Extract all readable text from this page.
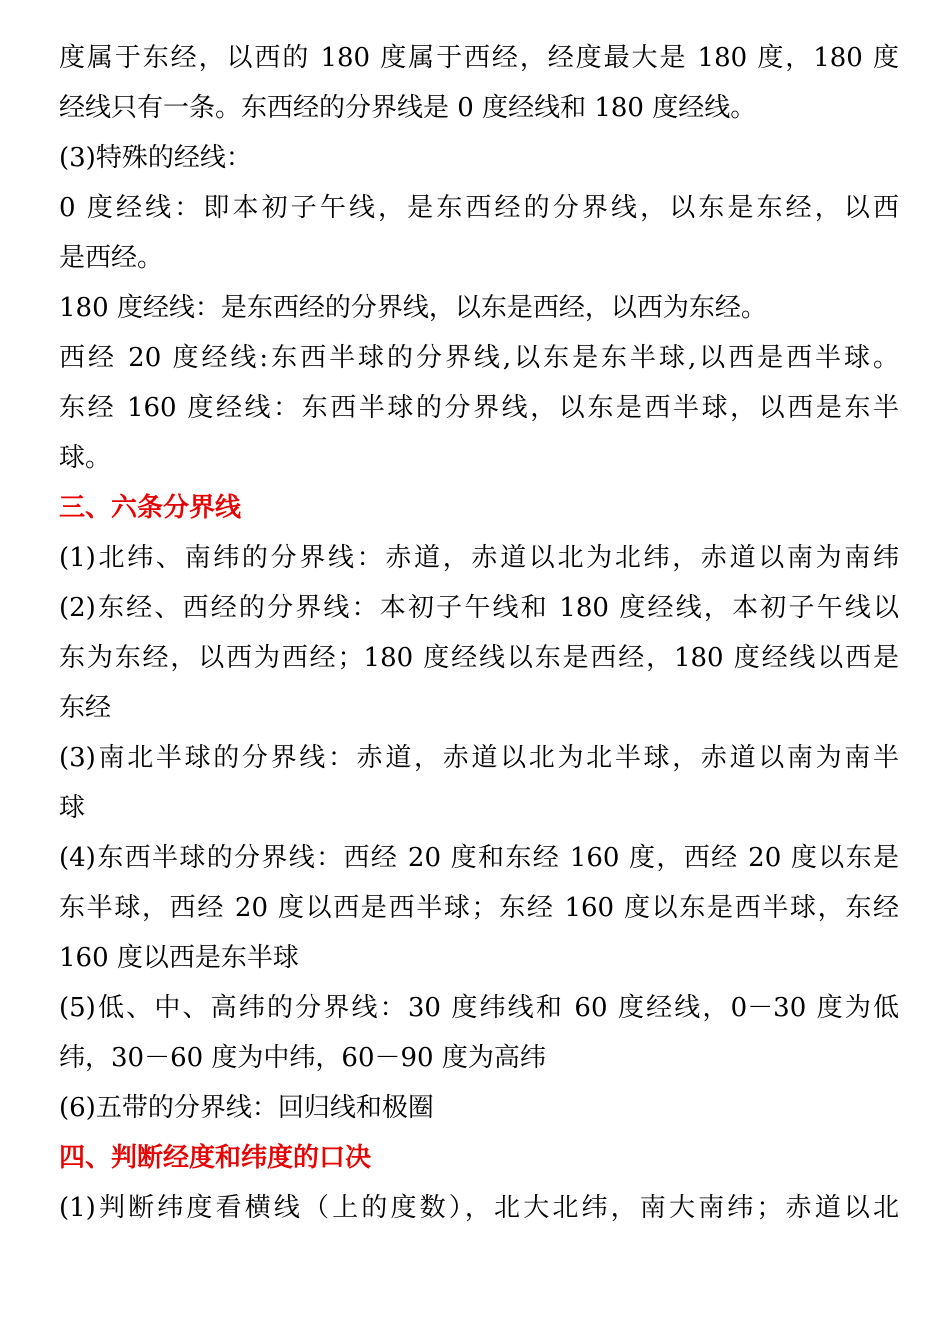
度属于东经，以西的 180 度属于西经，经度最大是 180 度，180 度
经线只有一条。东西经的分界线是 0 度经线和 180 度经线。
(3)特殊的经线：
0 度经线：即本初子午线，是东西经的分界线，以东是东经，以西
是西经。
180 度经线：是东西经的分界线，以东是西经，以西为东经。
西经 20 度经线:东西半球的分界线,以东是东半球,以西是西半球。
东经 160 度经线：东西半球的分界线，以东是西半球，以西是东半
球。
三、六条分界线
(1)北纬、南纬的分界线：赤道，赤道以北为北纬，赤道以南为南纬
(2)东经、西经的分界线：本初子午线和 180 度经线，本初子午线以
东为东经，以西为西经；180 度经线以东是西经，180 度经线以西是
东经
(3)南北半球的分界线：赤道，赤道以北为北半球，赤道以南为南半
球
(4)东西半球的分界线：西经 20 度和东经 160 度，西经 20 度以东是
东半球，西经 20 度以西是西半球；东经 160 度以东是西半球，东经
160 度以西是东半球
(5)低、中、高纬的分界线：30 度纬线和 60 度经线，0－30 度为低
纬，30－60 度为中纬，60－90 度为高纬
(6)五带的分界线：回归线和极圈
四、判断经度和纬度的口决
(1)判断纬度看横线（上的度数），北大北纬，南大南纬；赤道以北
